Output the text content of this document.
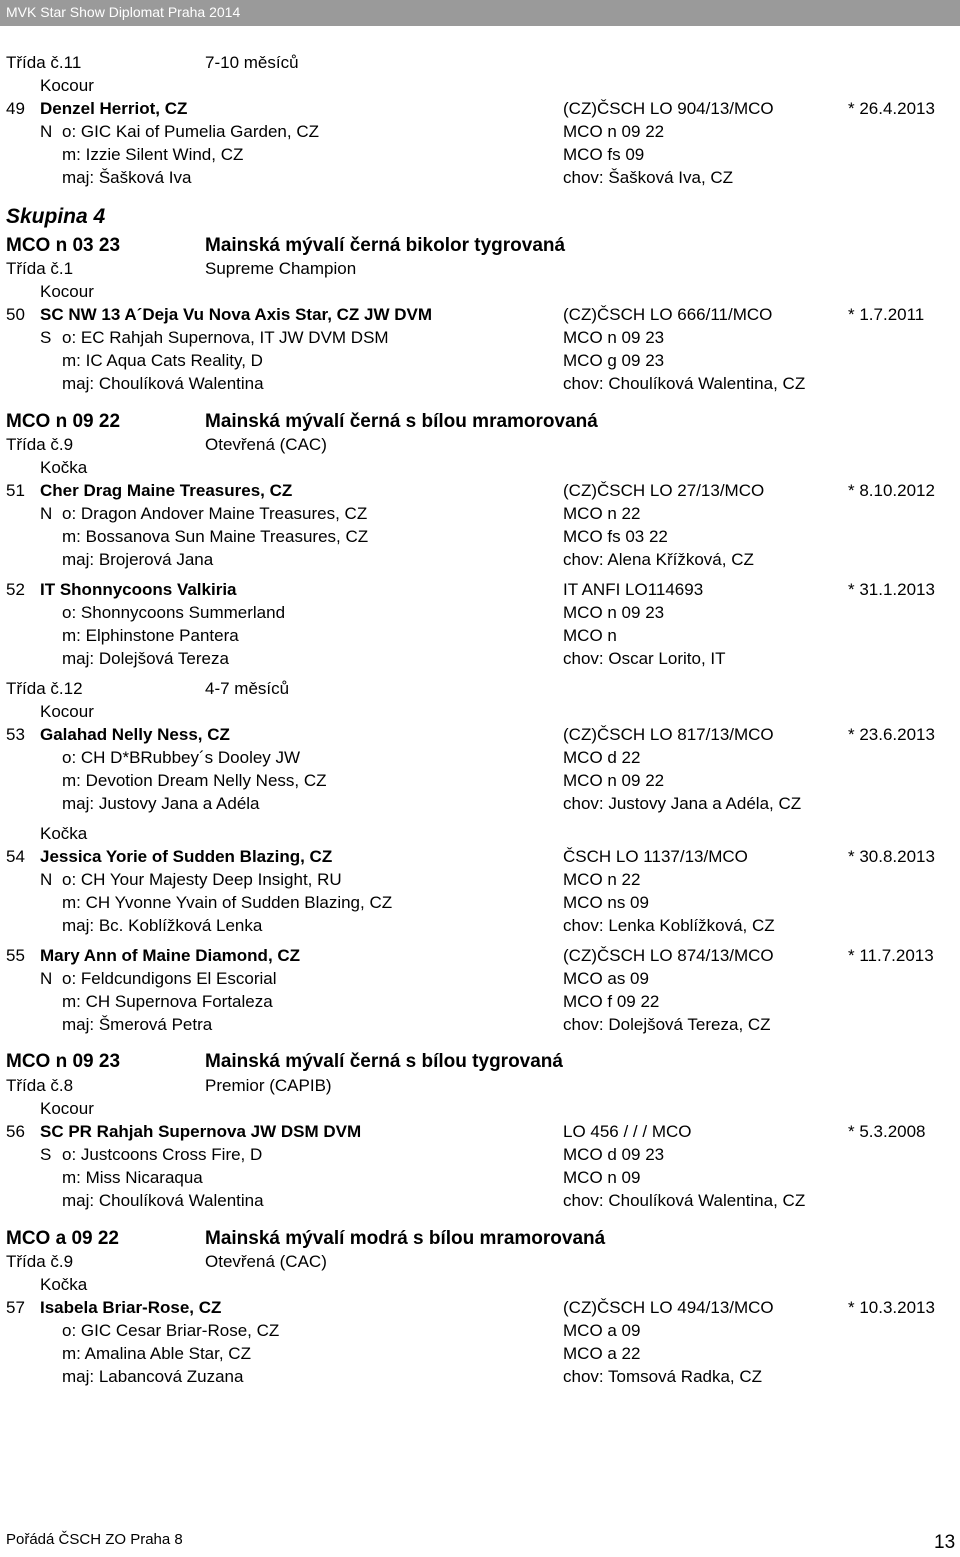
MVK Star Show Diplomat Praha 2014
Třída č.11	7-10 měsíců
Kocour
49 Denzel Herriot, CZ	(CZ)ČSCH LO 904/13/MCO	* 26.4.2013
N o: GIC Kai of Pumelia Garden, CZ	MCO n 09 22
m: Izzie Silent Wind, CZ	MCO fs 09
maj: Šašková Iva	chov: Šašková Iva, CZ
Skupina 4
MCO n 03 23	Mainská mývalí černá bikolor tygrovaná
Třída č.1	Supreme Champion
Kocour
50 SC NW 13 A´Deja Vu Nova Axis Star, CZ JW DVM	(CZ)ČSCH LO 666/11/MCO	* 1.7.2011
S o: EC Rahjah Supernova, IT JW DVM DSM	MCO n 09 23
m: IC Aqua Cats Reality, D	MCO g 09 23
maj: Choulíková Walentina	chov: Choulíková Walentina, CZ
MCO n 09 22	Mainská mývalí černá s bílou mramorovaná
Třída č.9	Otevřená (CAC)
Kočka
51 Cher Drag Maine Treasures, CZ	(CZ)ČSCH LO 27/13/MCO	* 8.10.2012
N o: Dragon Andover Maine Treasures, CZ	MCO n 22
m: Bossanova Sun Maine Treasures, CZ	MCO fs 03 22
maj: Brojerová Jana	chov: Alena Křížková, CZ
52 IT Shonnycoons Valkiria	IT ANFI LO114693	* 31.1.2013
o: Shonnycoons Summerland	MCO n 09 23
m: Elphinstone Pantera	MCO n
maj: Dolejšová Tereza	chov: Oscar Lorito, IT
Třída č.12	4-7 měsíců
Kocour
53 Galahad Nelly Ness, CZ	(CZ)ČSCH LO 817/13/MCO	* 23.6.2013
o: CH D*BRubbey´s Dooley JW	MCO d 22
m: Devotion Dream Nelly Ness, CZ	MCO n 09 22
maj: Justovy Jana a Adéla	chov: Justovy Jana a Adéla, CZ
Kočka
54 Jessica Yorie of Sudden Blazing, CZ	ČSCH LO 1137/13/MCO	* 30.8.2013
N o: CH Your Majesty Deep Insight, RU	MCO n 22
m: CH Yvonne Yvain of Sudden Blazing, CZ	MCO ns 09
maj: Bc. Koblížková Lenka	chov: Lenka Koblížková, CZ
55 Mary Ann of Maine Diamond, CZ	(CZ)ČSCH LO 874/13/MCO	* 11.7.2013
N o: Feldcundigons El Escorial	MCO as 09
m: CH Supernova Fortaleza	MCO f 09 22
maj: Šmerová Petra	chov: Dolejšová Tereza, CZ
MCO n 09 23	Mainská mývalí černá s bílou tygrovaná
Třída č.8	Premior (CAPIB)
Kocour
56 SC PR Rahjah Supernova JW DSM DVM	LO 456 / / / MCO	* 5.3.2008
S o: Justcoons Cross Fire, D	MCO d 09 23
m: Miss Nicaraqua	MCO n 09
maj: Choulíková Walentina	chov: Choulíková Walentina, CZ
MCO a 09 22	Mainská mývalí modrá s bílou mramorovaná
Třída č.9	Otevřená (CAC)
Kočka
57 Isabela Briar-Rose, CZ	(CZ)ČSCH LO 494/13/MCO	* 10.3.2013
o: GIC Cesar Briar-Rose, CZ	MCO a 09
m: Amalina Able Star, CZ	MCO a 22
maj: Labancová Zuzana	chov: Tomsová Radka, CZ
Pořádá ČSCH ZO Praha 8	13
